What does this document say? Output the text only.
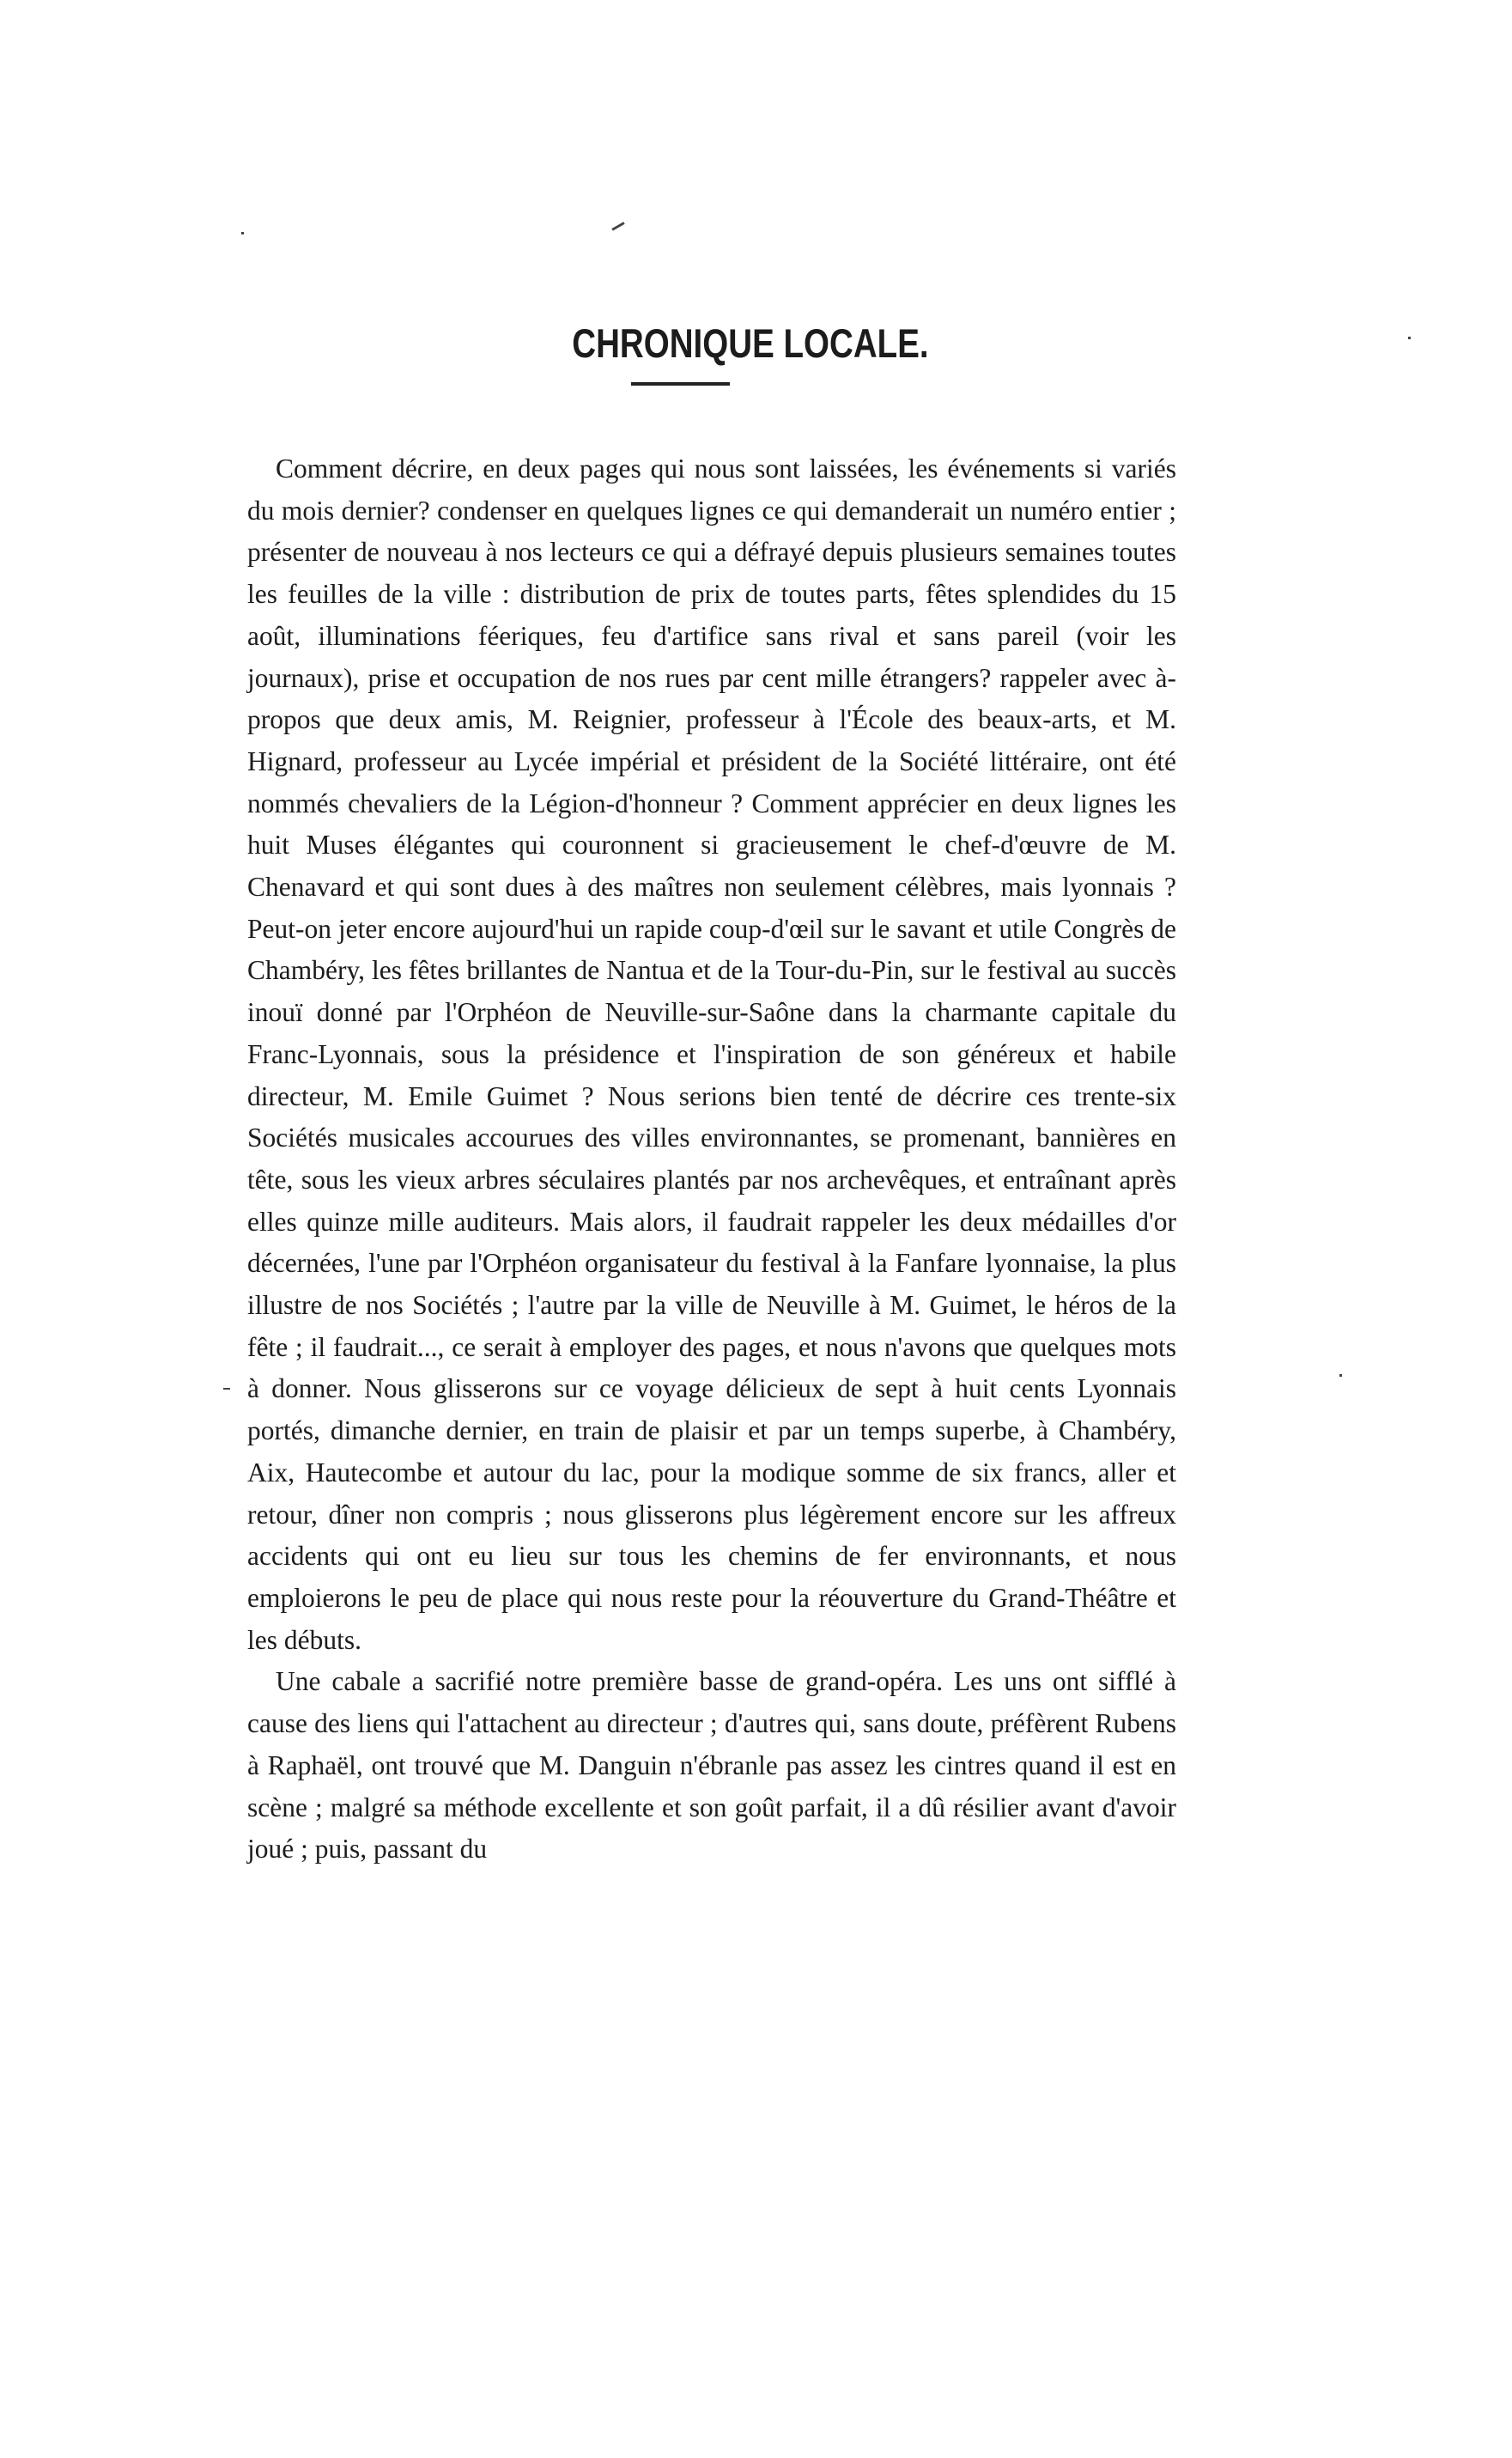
CHRONIQUE LOCALE.

Comment décrire, en deux pages qui nous sont laissées, les événements si variés du mois dernier? condenser en quelques lignes ce qui demanderait un numéro entier ; présenter de nouveau à nos lecteurs ce qui a défrayé depuis plusieurs semaines toutes les feuilles de la ville : distribution de prix de toutes parts, fêtes splendides du 15 août, illuminations féeriques, feu d'artifice sans rival et sans pareil (voir les journaux), prise et occupation de nos rues par cent mille étrangers? rappeler avec à-propos que deux amis, M. Reignier, professeur à l'École des beaux-arts, et M. Hignard, professeur au Lycée impérial et président de la Société littéraire, ont été nommés chevaliers de la Légion-d'honneur ? Comment apprécier en deux lignes les huit Muses élégantes qui couronnent si gracieusement le chef-d'œuvre de M. Chenavard et qui sont dues à des maîtres non seulement célèbres, mais lyonnais ? Peut-on jeter encore aujourd'hui un rapide coup-d'œil sur le savant et utile Congrès de Chambéry, les fêtes brillantes de Nantua et de la Tour-du-Pin, sur le festival au succès inouï donné par l'Orphéon de Neuville-sur-Saône dans la charmante capitale du Franc-Lyonnais, sous la présidence et l'inspiration de son généreux et habile directeur, M. Emile Guimet ? Nous serions bien tenté de décrire ces trente-six Sociétés musicales accourues des villes environnantes, se promenant, bannières en tête, sous les vieux arbres séculaires plantés par nos archevêques, et entraînant après elles quinze mille auditeurs. Mais alors, il faudrait rappeler les deux médailles d'or décernées, l'une par l'Orphéon organisateur du festival à la Fanfare lyonnaise, la plus illustre de nos Sociétés ; l'autre par la ville de Neuville à M. Guimet, le héros de la fête ; il faudrait..., ce serait à employer des pages, et nous n'avons que quelques mots à donner. Nous glisserons sur ce voyage délicieux de sept à huit cents Lyonnais portés, dimanche dernier, en train de plaisir et par un temps superbe, à Chambéry, Aix, Hautecombe et autour du lac, pour la modique somme de six francs, aller et retour, dîner non compris ; nous glisserons plus légèrement encore sur les affreux accidents qui ont eu lieu sur tous les chemins de fer environnants, et nous emploierons le peu de place qui nous reste pour la réouverture du Grand-Théâtre et les débuts.

Une cabale a sacrifié notre première basse de grand-opéra. Les uns ont sifflé à cause des liens qui l'attachent au directeur ; d'autres qui, sans doute, préfèrent Rubens à Raphaël, ont trouvé que M. Danguin n'ébranle pas assez les cintres quand il est en scène ; malgré sa méthode excellente et son goût parfait, il a dû résilier avant d'avoir joué ; puis, passant du
